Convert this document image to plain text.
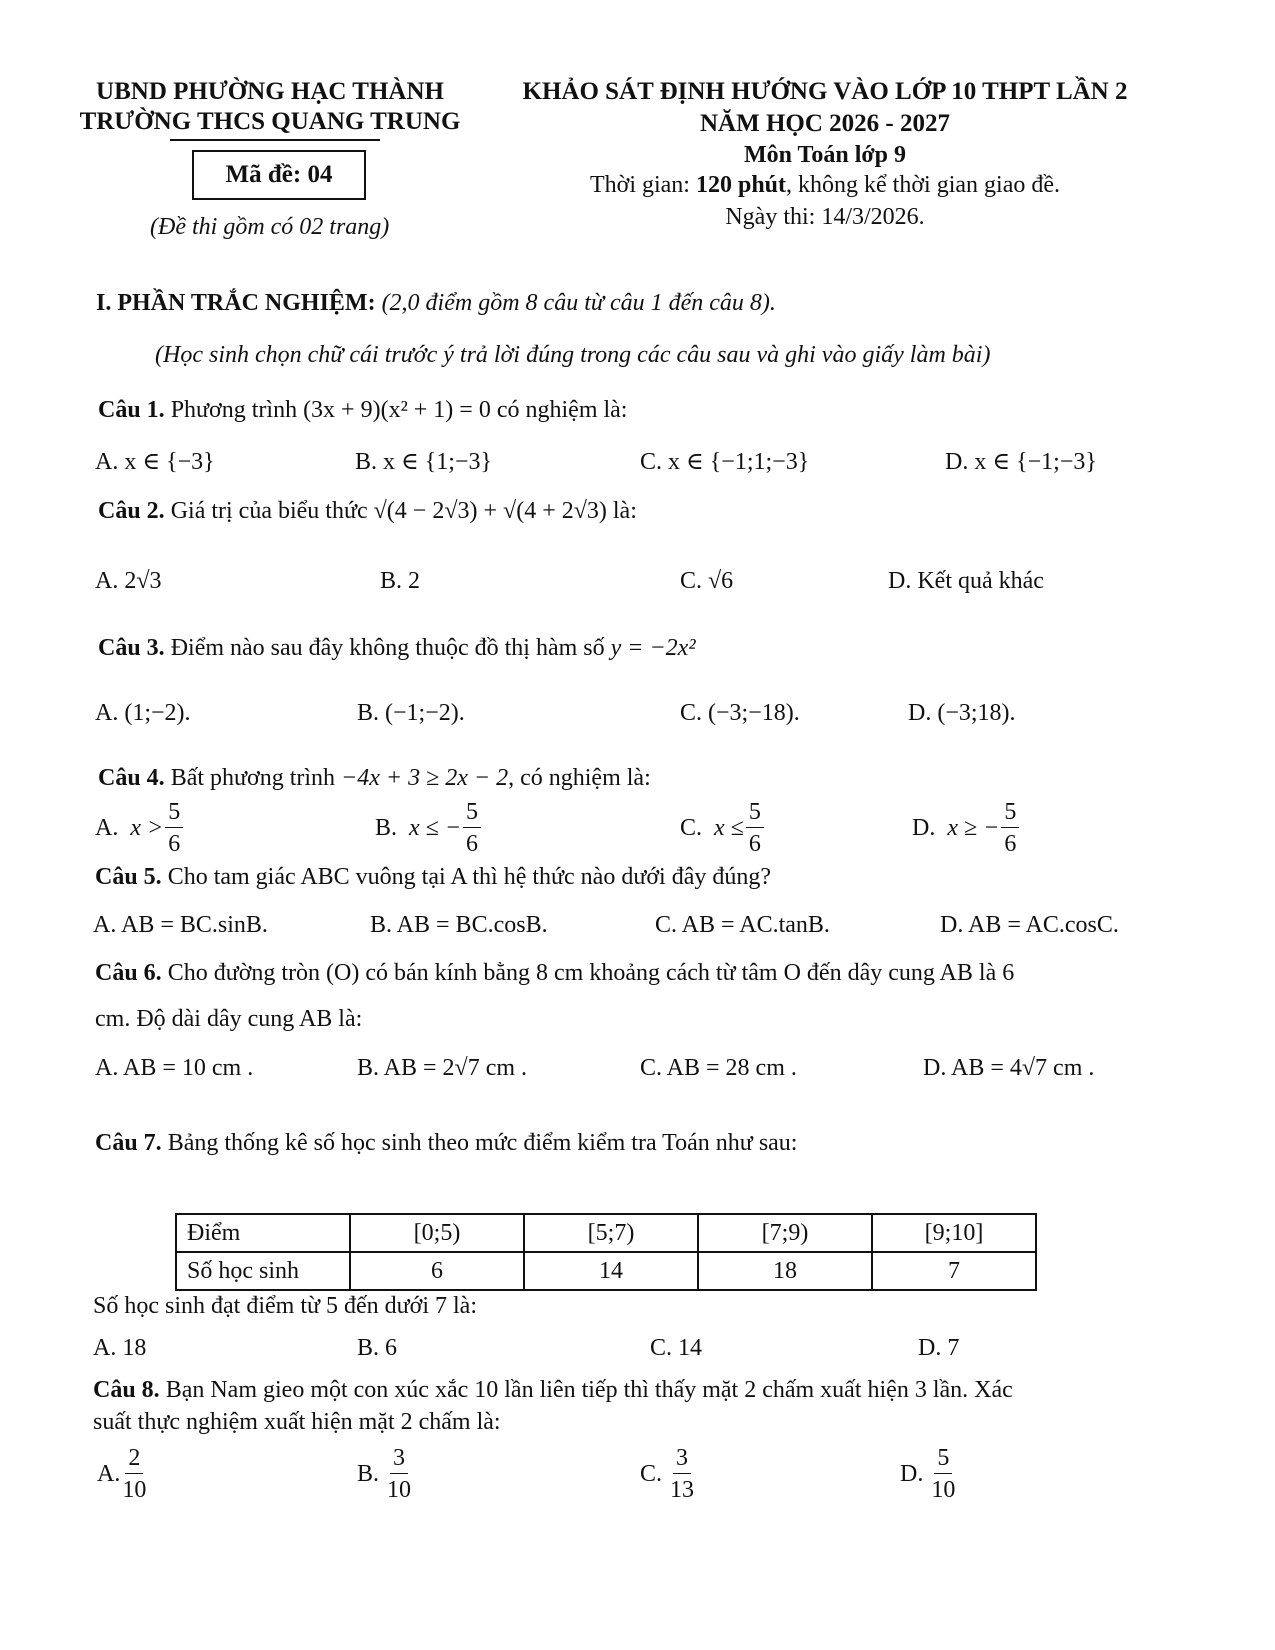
UBND PHƯỜNG HẠC THÀNH
TRƯỜNG THCS QUANG TRUNG
Mã đề: 04
(Đề thi gồm có 02 trang)
KHẢO SÁT ĐỊNH HƯỚNG VÀO LỚP 10 THPT LẦN 2
NĂM HỌC 2026 - 2027
Môn Toán lớp 9
Thời gian: 120 phút, không kể thời gian giao đề.
Ngày thi: 14/3/2026.
I. PHẦN TRẮC NGHIỆM: (2,0 điểm gồm 8 câu từ câu 1 đến câu 8).
(Học sinh chọn chữ cái trước ý trả lời đúng trong các câu sau và ghi vào giấy làm bài)
Câu 1. Phương trình (3x + 9)(x² + 1) = 0 có nghiệm là:
A. x ∈ {−3}	B. x ∈ {1;−3}	C. x ∈ {−1;1;−3}	D. x ∈ {−1;−3}
Câu 2. Giá trị của biểu thức √(4 − 2√3) + √(4 + 2√3) là:
A. 2√3	B. 2	C. √6	D. Kết quả khác
Câu 3. Điểm nào sau đây không thuộc đồ thị hàm số y = −2x²
A. (1;−2).	B. (−1;−2).	C. (−3;−18).	D. (−3;18).
Câu 4. Bất phương trình −4x + 3 ≥ 2x − 2, có nghiệm là:
A.
$x > \frac{5}{6}$	B.
x ≤ − $\frac{5}{6}$	C.
$x \le \frac{5}{6}$	D.
x ≥ − $\frac{5}{6}$
Câu 5. Cho tam giác ABC vuông tại A thì hệ thức nào dưới đây đúng?
A. AB = BC.sinB.	B. AB = BC.cosB.	C. AB = AC.tanB.	D. AB = AC.cosC.
Câu 6. Cho đường tròn (O) có bán kính bằng 8 cm khoảng cách từ tâm O đến dây cung AB là 6
cm. Độ dài dây cung AB là:
A. AB = 10 cm .	B. AB = 2√7 cm .	C. AB = 28 cm .	D. AB = 4√7 cm .
Câu 7. Bảng thống kê số học sinh theo mức điểm kiểm tra Toán như sau:
Điểm	[0;5)	[5;7)	[7;9)	[9;10]
Số học sinh	6	14	18	7
Số học sinh đạt điểm từ 5 đến dưới 7 là:
A. 18	B. 6	C. 14	D. 7
Câu 8. Bạn Nam gieo một con xúc xắc 10 lần liên tiếp thì thấy mặt 2 chấm xuất hiện 3 lần. Xác
suất thực nghiệm xuất hiện mặt 2 chấm là:
A. $\frac{2}{10}$	B.
$\frac{3}{10}$	C.
$\frac{3}{13}$	D.
$\frac{5}{10}$
